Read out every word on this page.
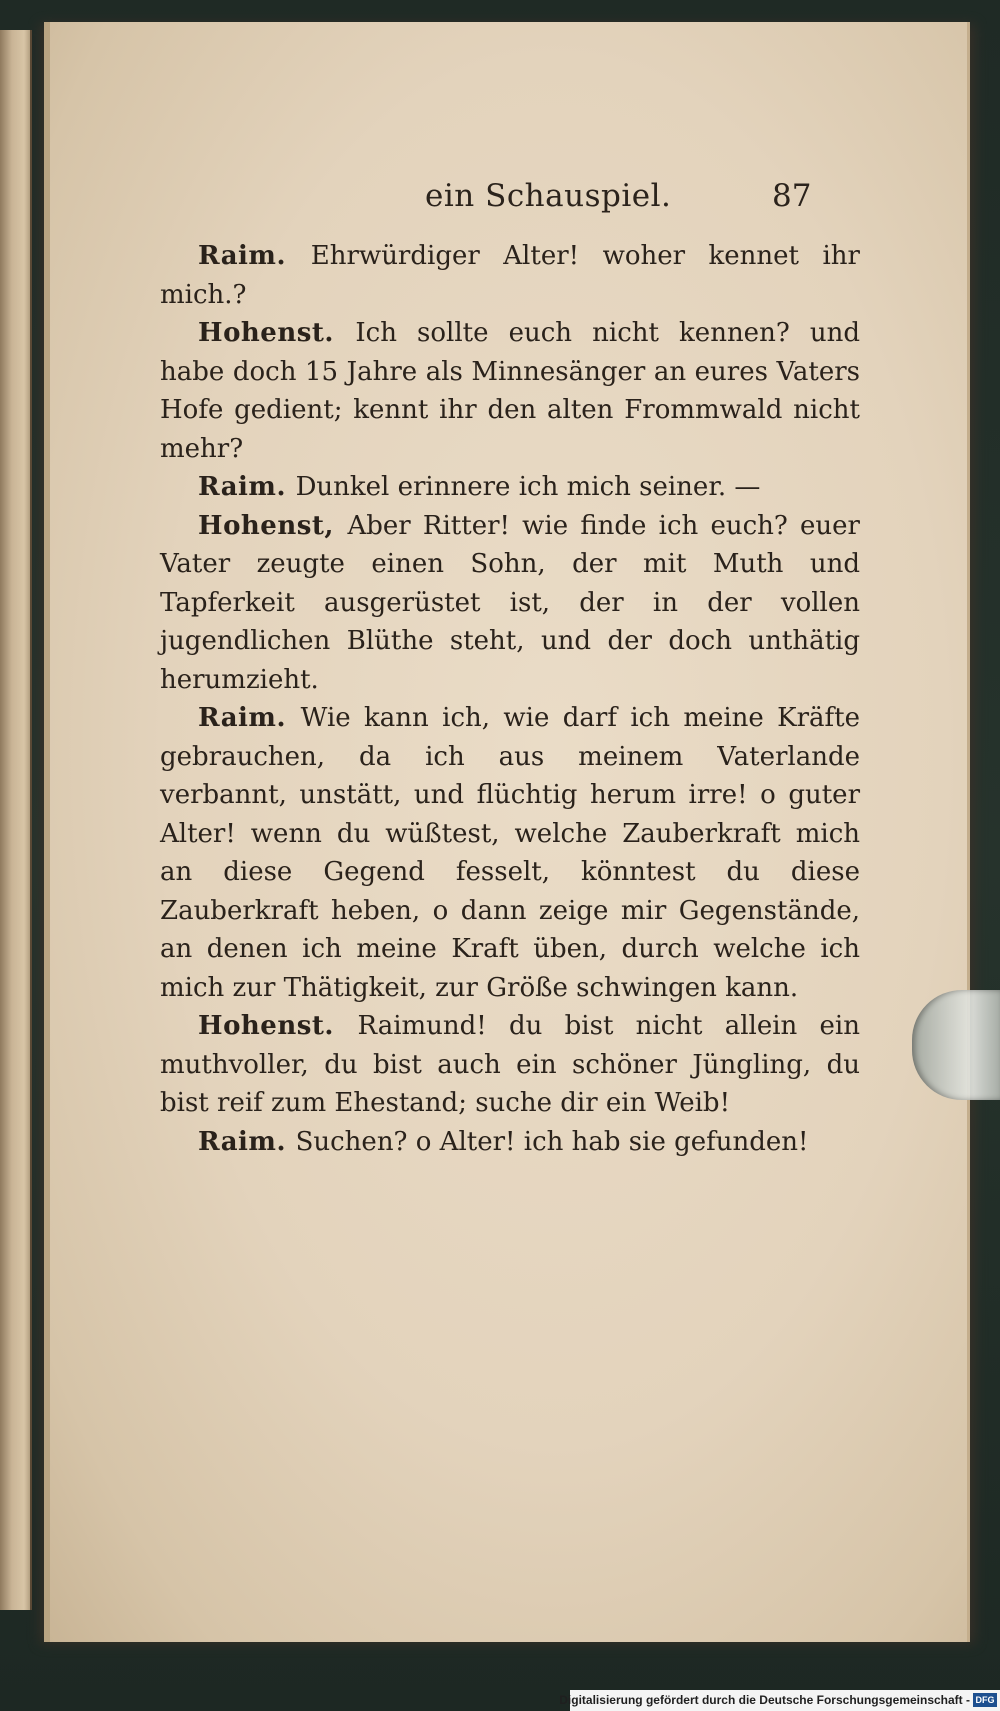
ein Schauspiel.	87

Raim. Ehrwürdiger Alter! woher kennet ihr mich.?

Hohenst. Ich sollte euch nicht kennen? und habe doch 15 Jahre als Minnesänger an eures Vaters Hofe gedient; kennt ihr den alten Frommwald nicht mehr?

Raim. Dunkel erinnere ich mich seiner. —

Hohenst, Aber Ritter! wie finde ich euch? euer Vater zeugte einen Sohn, der mit Muth und Tapferkeit ausgerüstet ist, der in der vollen jugendlichen Blüthe steht, und der doch unthätig herumzieht.

Raim. Wie kann ich, wie darf ich meine Kräfte gebrauchen, da ich aus meinem Vaterlande verbannt, unstätt, und flüchtig herum irre! o guter Alter! wenn du wüßtest, welche Zauberkraft mich an diese Gegend fesselt, könntest du diese Zauberkraft heben, o dann zeige mir Gegenstände, an denen ich meine Kraft üben, durch welche ich mich zur Thätigkeit, zur Größe schwingen kann.

Hohenst. Raimund! du bist nicht allein ein muthvoller, du bist auch ein schöner Jüngling, du bist reif zum Ehestand; suche dir ein Weib!

Raim. Suchen? o Alter! ich hab sie gefunden!

Digitalisierung gefördert durch die Deutsche Forschungsgemeinschaft - DFG
